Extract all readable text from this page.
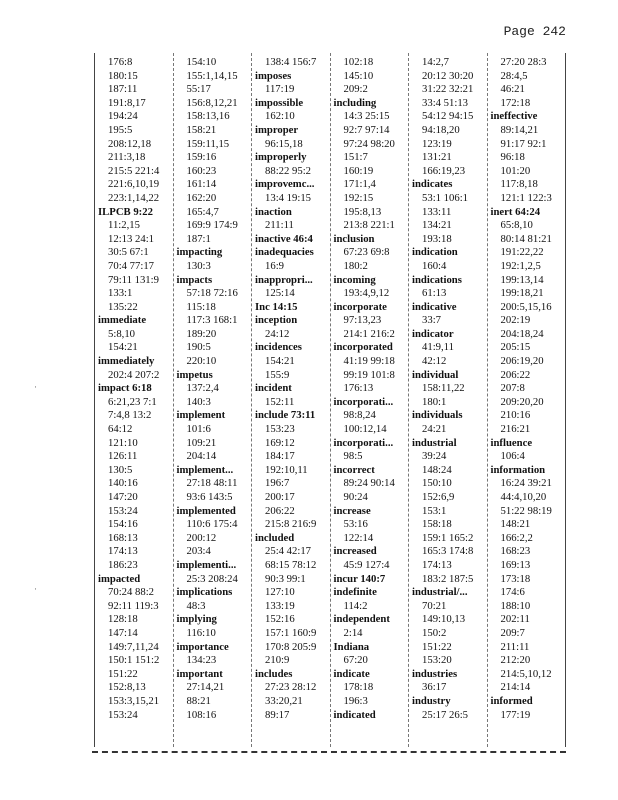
Page 242
176:8
180:15
187:11
191:8,17
194:24
195:5
208:12,18
211:3,18
215:5 221:4
221:6,10,19
223:1,14,22
ILPCB 9:22
11:2,15
12:13 24:1
30:5 67:1
70:4 77:17
79:11 131:9
133:1
135:22
immediate
5:8,10
154:21
immediately
202:4 207:2
impact 6:18
6:21,23 7:1
7:4,8 13:2
64:12
121:10
126:11
130:5
140:16
147:20
153:24
154:16
168:13
174:13
186:23
impacted
70:24 88:2
92:11 119:3
128:18
147:14
149:7,11,24
150:1 151:2
151:22
152:8,13
153:3,15,21
153:24
154:10
155:1,14,15
55:17
156:8,12,21
158:13,16
158:21
159:11,15
159:16
160:23
161:14
162:20
165:4,7
169:9 174:9
187:1
impacting
130:3
impacts
57:18 72:16
115:18
117:3 168:1
189:20
190:5
220:10
impetus
137:2,4
140:3
implement
101:6
109:21
204:14
implement...
27:18 48:11
93:6 143:5
implemented
110:6 175:4
200:12
203:4
implementi...
25:3 208:24
implications
48:3
implying
116:10
importance
134:23
important
27:14,21
88:21
108:16
138:4 156:7
imposes
117:19
impossible
162:10
improper
96:15,18
improperly
88:22 95:2
improvemc...
13:4 19:15
inaction
211:11
inactive 46:4
inadequacies
16:9
inappropri...
125:14
Inc 14:15
inception
24:12
incidences
154:21
155:9
incident
152:11
include 73:11
153:23
169:12
184:17
192:10,11
196:7
200:17
206:22
215:8 216:9
included
25:4 42:17
68:15 78:12
90:3 99:1
127:10
133:19
152:16
157:1 160:9
170:8 205:9
210:9
includes
27:23 28:12
33:20,21
89:17
102:18
145:10
209:2
including
14:3 25:15
92:7 97:14
97:24 98:20
151:7
160:19
171:1,4
192:15
195:8,13
213:8 221:1
inclusion
67:23 69:8
180:2
incoming
193:4,9,12
incorporate
97:13,23
214:1 216:2
incorporated
41:19 99:18
99:19 101:8
176:13
incorporati...
98:8,24
100:12,14
incorporati...
98:5
incorrect
89:24 90:14
90:24
increase
53:16
122:14
increased
45:9 127:4
incur 140:7
indefinite
114:2
independent
2:14
Indiana
67:20
indicate
178:18
196:3
indicated
14:2,7
20:12 30:20
31:22 32:21
33:4 51:13
54:12 94:15
94:18,20
123:19
131:21
166:19,23
indicates
53:1 106:1
133:11
134:21
193:18
indication
160:4
indications
61:13
indicative
33:7
indicator
41:9,11
42:12
individual
158:11,22
180:1
individuals
24:21
industrial
39:24
148:24
150:10
152:6,9
153:1
158:18
159:1 165:2
165:3 174:8
174:13
183:2 187:5
industrial/...
70:21
149:10,13
150:2
151:22
153:20
industries
36:17
industry
25:17 26:5
27:20 28:3
28:4,5
46:21
172:18
ineffective
89:14,21
91:17 92:1
96:18
101:20
117:8,18
121:1 122:3
inert 64:24
65:8,10
80:14 81:21
191:22,22
192:1,2,5
199:13,14
199:18,21
200:5,15,16
202:19
204:18,24
205:15
206:19,20
206:22
207:8
209:20,20
210:16
216:21
influence
106:4
information
16:24 39:21
44:4,10,20
51:22 98:19
148:21
166:2,2
168:23
169:13
173:18
174:6
188:10
202:11
209:7
211:11
212:20
214:5,10,12
214:14
informed
177:19
·
·
